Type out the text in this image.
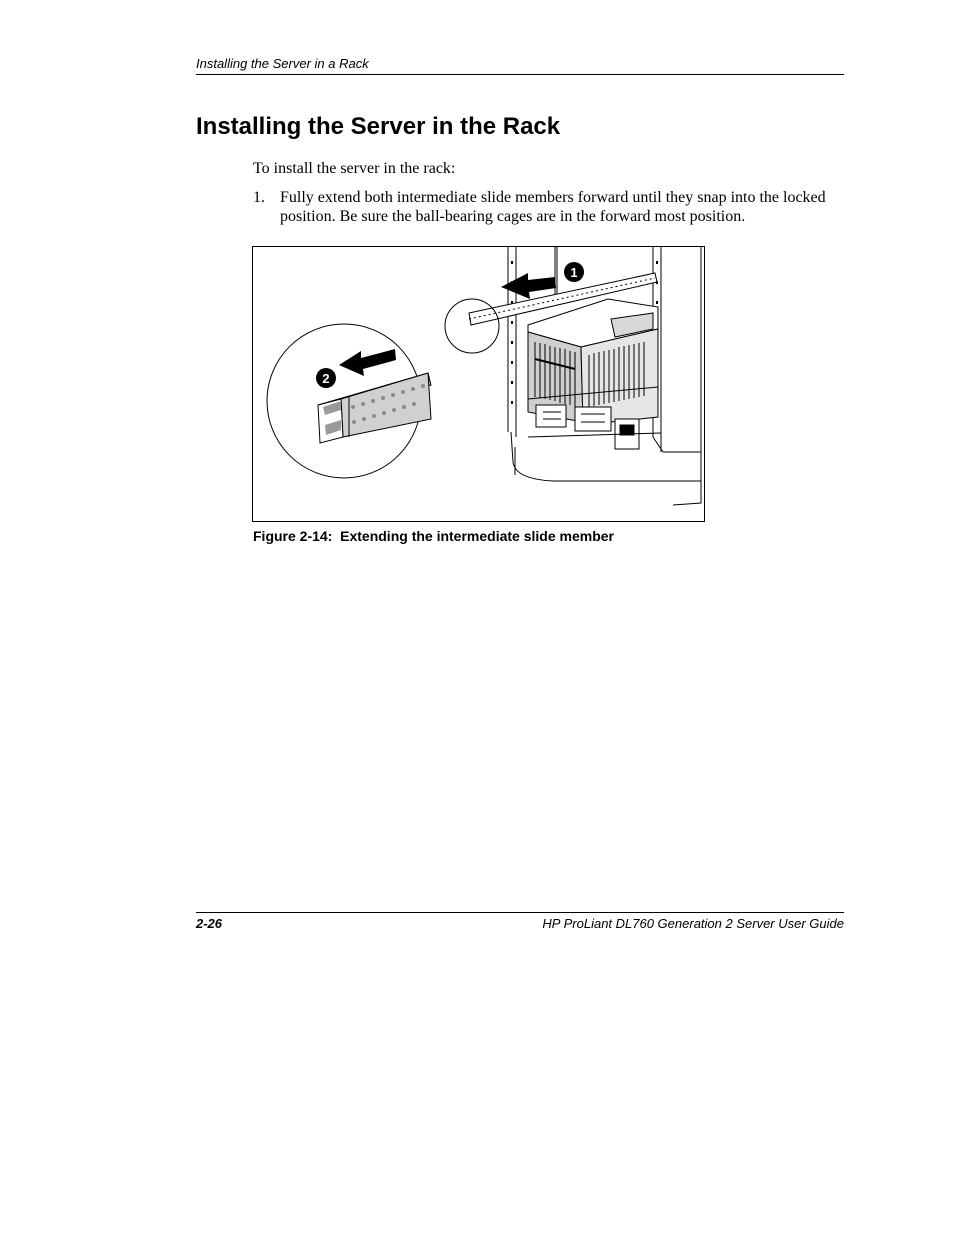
Installing the Server in a Rack
Installing the Server in the Rack

To install the server in the rack:

1. Fully extend both intermediate slide members forward until they snap into the locked position. Be sure the ball-bearing cages are in the forward most position.
1
2

Figure 2-14:  Extending the intermediate slide member

2-26	HP ProLiant DL760 Generation 2 Server User Guide
